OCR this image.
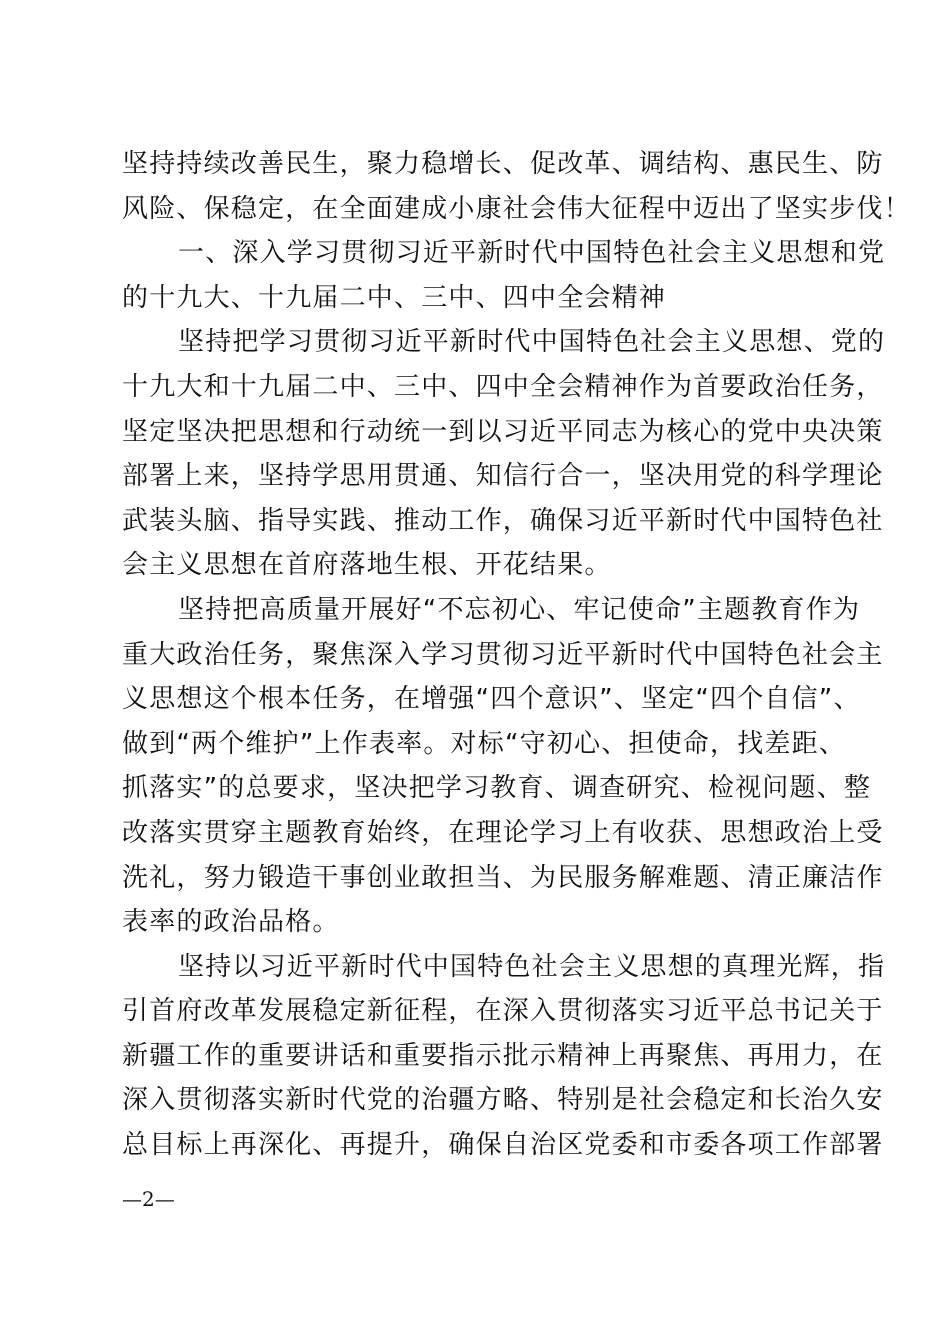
坚持持续改善民生，聚力稳增长、促改革、调结构、惠民生、防
风险、保稳定，在全面建成小康社会伟大征程中迈出了坚实步伐！
一、深入学习贯彻习近平新时代中国特色社会主义思想和党
的十九大、十九届二中、三中、四中全会精神
坚持把学习贯彻习近平新时代中国特色社会主义思想、党的
十九大和十九届二中、三中、四中全会精神作为首要政治任务，
坚定坚决把思想和行动统一到以习近平同志为核心的党中央决策
部署上来，坚持学思用贯通、知信行合一，坚决用党的科学理论
武装头脑、指导实践、推动工作，确保习近平新时代中国特色社
会主义思想在首府落地生根、开花结果。
坚持把高质量开展好“不忘初心、牢记使命”主题教育作为
重大政治任务，聚焦深入学习贯彻习近平新时代中国特色社会主
义思想这个根本任务，在增强“四个意识”、坚定“四个自信”、
做到“两个维护”上作表率。对标“守初心、担使命，找差距、
抓落实”的总要求，坚决把学习教育、调查研究、检视问题、整
改落实贯穿主题教育始终，在理论学习上有收获、思想政治上受
洗礼，努力锻造干事创业敢担当、为民服务解难题、清正廉洁作
表率的政治品格。
坚持以习近平新时代中国特色社会主义思想的真理光辉，指
引首府改革发展稳定新征程，在深入贯彻落实习近平总书记关于
新疆工作的重要讲话和重要指示批示精神上再聚焦、再用力，在
深入贯彻落实新时代党的治疆方略、特别是社会稳定和长治久安
总目标上再深化、再提升，确保自治区党委和市委各项工作部署
—2—
